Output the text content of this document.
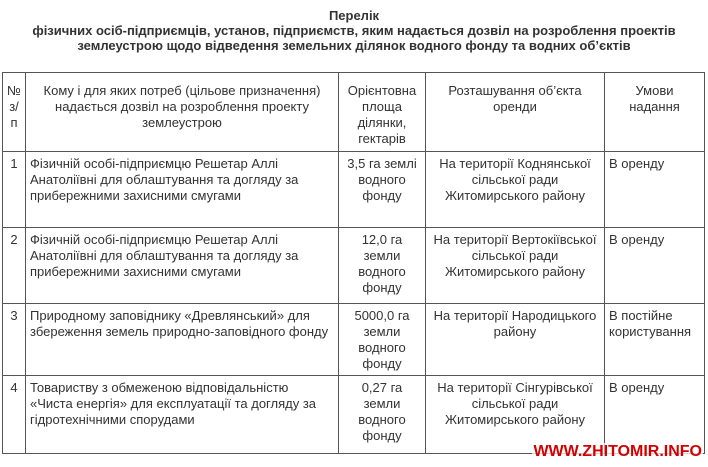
Перелік
фізичних осіб-підприємців, установ, підприємств, яким надається дозвіл на розроблення проектів
землеустрою щодо відведення земельних ділянок водного фонду та водних об’єктів
№ з/п	Кому і для яких потреб (цільове призначення) надається дозвіл на розроблення проекту землеустрою	Орієнтовна площа ділянки, гектарів	Розташування об’єкта оренди	Умови надання
1	Фізичній особі-підприємцю Решетар Аллі Анатоліївні для облаштування та догляду за прибережними захисними смугами	3,5 га землі водного фонду	На території Коднянської сільської ради Житомирського району	В оренду
2	Фізичній особі-підприємцю Решетар Аллі Анатоліївні для облаштування та догляду за прибережними захисними смугами	12,0 га земли водного фонду	На території Вертокіївської сільської ради Житомирського району	В оренду
3	Природному заповіднику «Древлянський» для збереження земель природно-заповідного фонду	5000,0 га земли водного фонду	На території Народицького району	В постійне користування
4	Товариству з обмеженою відповідальністю «Чиста енергія» для експлуатації та догляду за гідротехнічними спорудами	0,27 га земли водного фонду	На території Сінгурівської сільської ради Житомирського району	В оренду
WWW.ZHITOMIR.INFO
